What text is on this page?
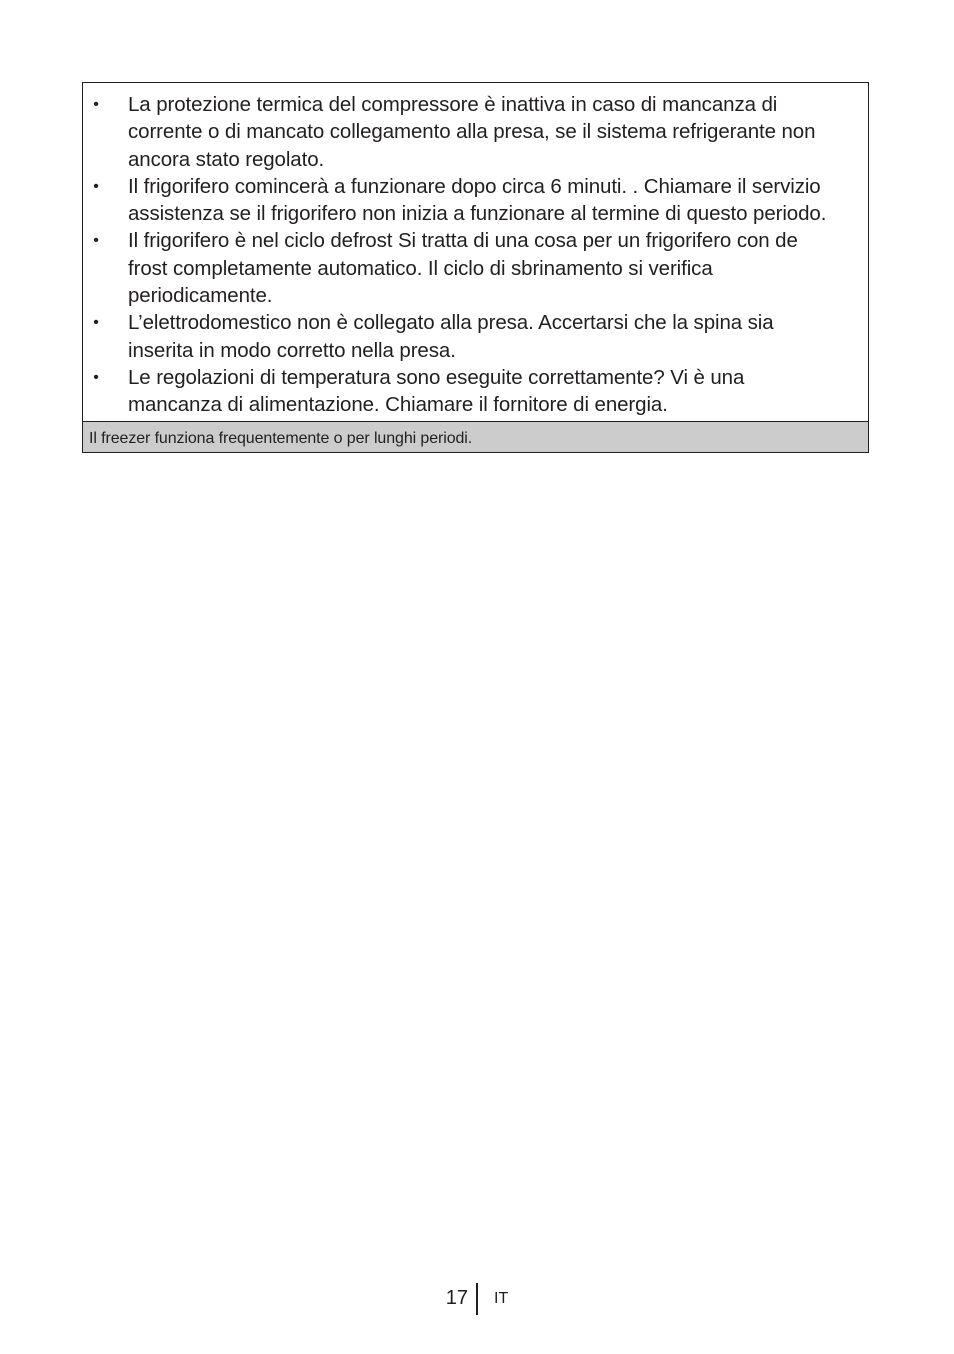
• La protezione termica del compressore è inattiva in caso di mancanza di corrente o di mancato collegamento alla presa, se il sistema refrigerante non ancora stato regolato.
• Il frigorifero comincerà a funzionare dopo circa 6 minuti. . Chiamare il servizio assistenza se il frigorifero non inizia a funzionare al termine di questo periodo.
• Il frigorifero è nel ciclo defrost Si tratta di una cosa per un frigorifero con de frost completamente automatico. Il ciclo di sbrinamento si verifica periodicamente.
• L’elettrodomestico non è collegato alla presa. Accertarsi che la spina sia inserita in modo corretto nella presa.
• Le regolazioni di temperatura sono eseguite correttamente? Vi è una mancanza di alimentazione. Chiamare il fornitore di energia.
Il freezer funziona frequentemente o per lunghi periodi.
17 IT
